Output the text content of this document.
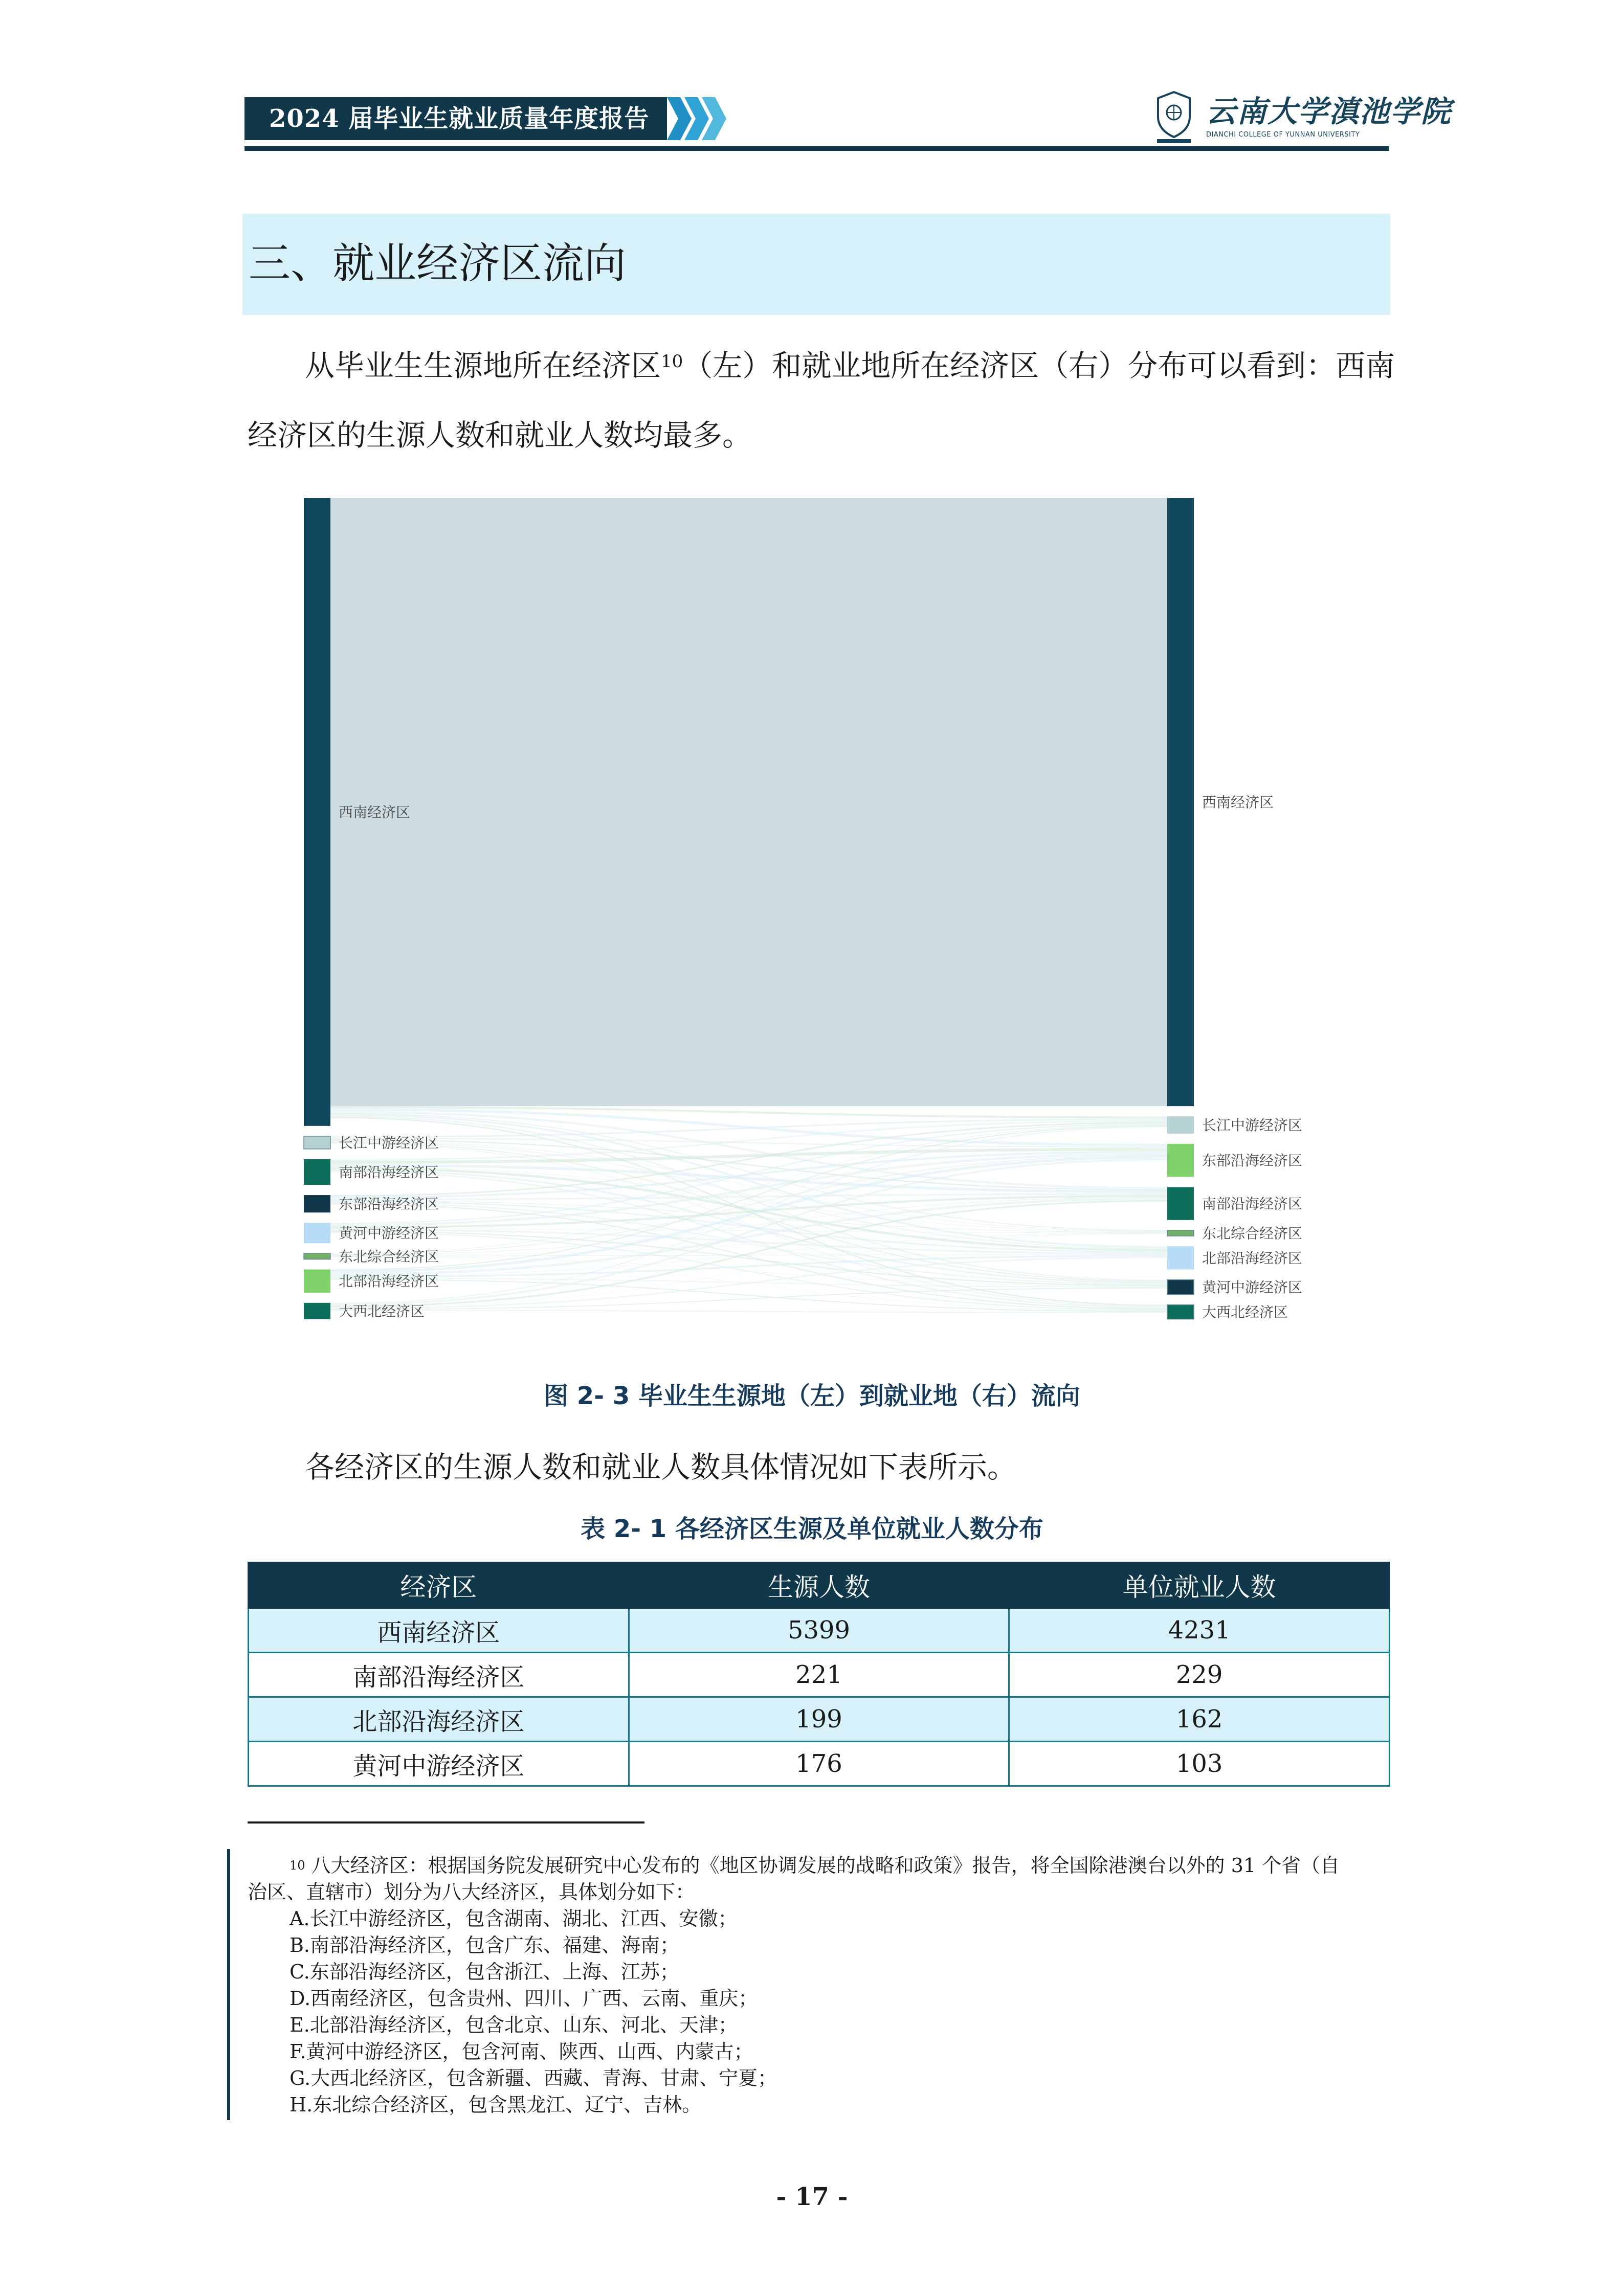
2024 届毕业生就业质量年度报告	云南大学滇池学院
DIANCHI COLLEGE OF YUNNAN UNIVERSITY
三、就业经济区流向
从毕业生生源地所在经济区$^{10}$（左）和就业地所在经济区（右）分布可以看到：西南
经济区的生源人数和就业人数均最多。
西南经济区
长江中游经济区
南部沿海经济区
东部沿海经济区
黄河中游经济区
东北综合经济区
北部沿海经济区
大西北经济区
西南经济区
长江中游经济区
东部沿海经济区
南部沿海经济区
东北综合经济区
北部沿海经济区
黄河中游经济区
大西北经济区
图 2- 3 毕业生生源地（左）到就业地（右）流向
各经济区的生源人数和就业人数具体情况如下表所示。
表 2- 1 各经济区生源及单位就业人数分布
经济区	生源人数	单位就业人数
西南经济区	5399	4231
南部沿海经济区	221	229
北部沿海经济区	199	162
黄河中游经济区	176	103
$^{10}$ 八大经济区：根据国务院发展研究中心发布的《地区协调发展的战略和政策》报告，将全国除港澳台以外的 31 个省（自
治区、直辖市）划分为八大经济区，具体划分如下：
A.长江中游经济区，包含湖南、湖北、江西、安徽；
B.南部沿海经济区，包含广东、福建、海南；
C.东部沿海经济区，包含浙江、上海、江苏；
D.西南经济区，包含贵州、四川、广西、云南、重庆；
E.北部沿海经济区，包含北京、山东、河北、天津；
F.黄河中游经济区，包含河南、陕西、山西、内蒙古；
G.大西北经济区，包含新疆、西藏、青海、甘肃、宁夏；
H.东北综合经济区，包含黑龙江、辽宁、吉林。
- 17 -
